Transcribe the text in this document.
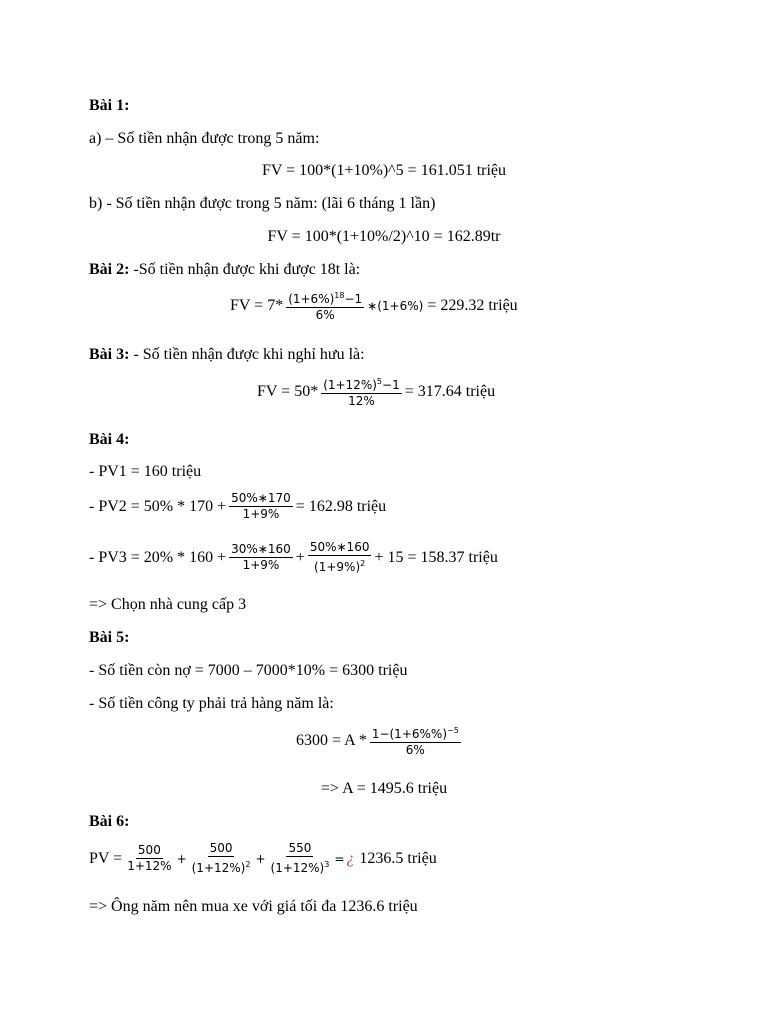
Bài 1:
a) – Số tiền nhận được trong 5 năm:
FV = 100*(1+10%)^5 = 161.051 triệu
b) - Số tiền nhận được trong 5 năm: (lãi 6 tháng 1 lần)
FV = 100*(1+10%/2)^10 = 162.89tr
Bài 2: -Số tiền nhận được khi được 18t là:
FV = $7* \frac{(1+6\%)^{18}-1}{6\%}$ ∗(1+6%) = 229.32 triệu
Bài 3: - Số tiền nhận được khi nghỉ hưu là:
FV = $50* \frac{(1+12\%)^5-1}{12\%} = 317.64$ triệu
Bài 4:
- PV1 = 160 triệu
- $PV2 = 50\% * 170 + \frac{50\%∗170}{1+9\%} = 162.98$ triệu
- $PV3 = 20\% * 160 + \frac{30\%∗160}{1+9\%} + \frac{50\%∗160}{(1+9\%)^2} + 15 = 158.37$ triệu
=> Chọn nhà cung cấp 3
Bài 5:
- Số tiền còn nợ = 7000 – 7000*10% = 6300 triệu
- Số tiền công ty phải trả hàng năm là:
$6300 = A * \frac{1-(1+6\%\%)^{-5}}{6\%}$
=> A = 1495.6 triệu
Bài 6:
PV = $\frac{500}{1+12\%} + \frac{500}{(1+12\%)^2} + \frac{550}{(1+12\%)^3}$ = ¿ 1236.5 triệu
=> Ông năm nên mua xe với giá tối đa 1236.6 triệu
